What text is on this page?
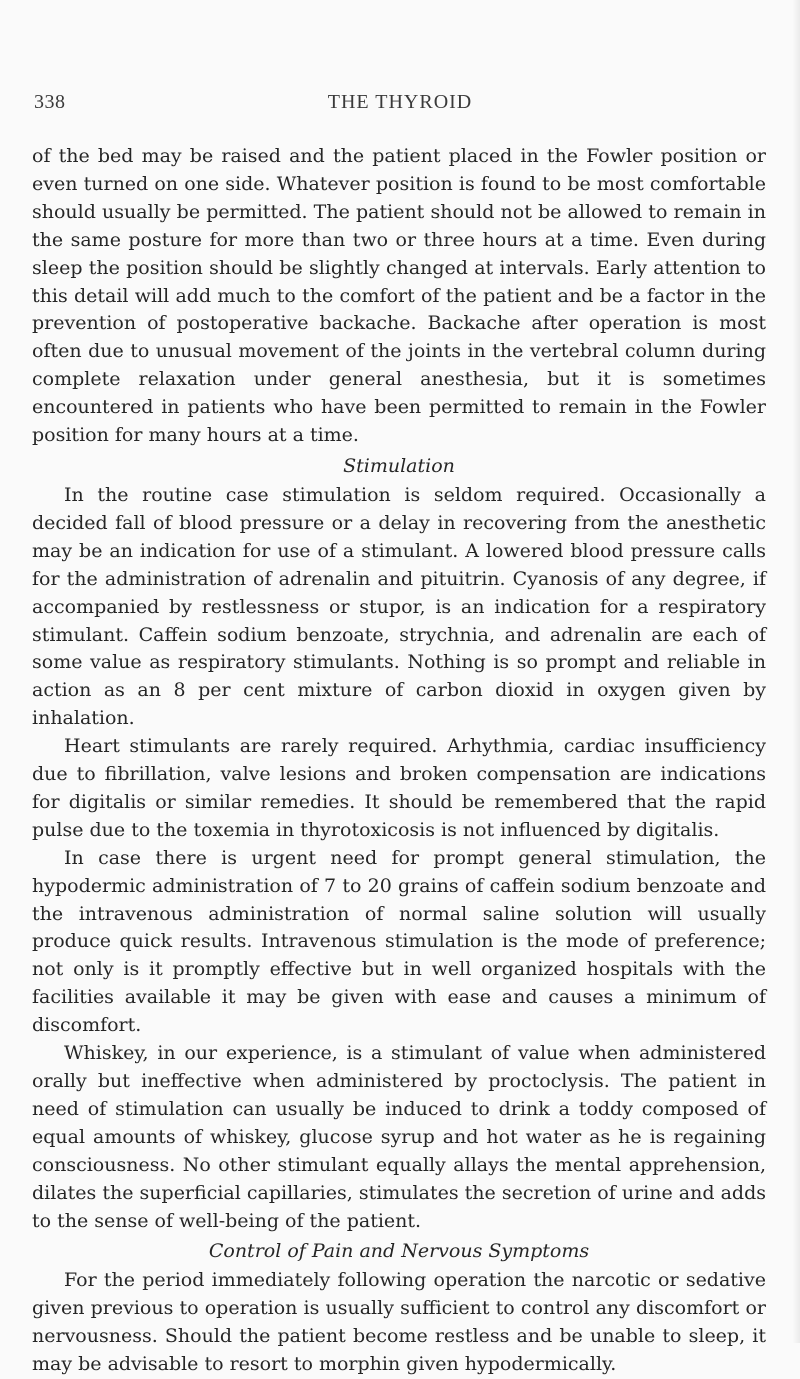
338	THE THYROID

of the bed may be raised and the patient placed in the Fowler position or even turned on one side. Whatever position is found to be most comfortable should usually be permitted. The patient should not be allowed to remain in the same posture for more than two or three hours at a time. Even during sleep the position should be slightly changed at intervals. Early attention to this detail will add much to the comfort of the patient and be a factor in the prevention of postoperative backache. Backache after operation is most often due to unusual movement of the joints in the vertebral column during complete relaxation under general anesthesia, but it is sometimes encountered in patients who have been permitted to remain in the Fowler position for many hours at a time.

Stimulation

In the routine case stimulation is seldom required. Occasionally a decided fall of blood pressure or a delay in recovering from the anesthetic may be an indication for use of a stimulant. A lowered blood pressure calls for the administration of adrenalin and pituitrin. Cyanosis of any degree, if accompanied by restlessness or stupor, is an indication for a respiratory stimulant. Caffein sodium benzoate, strychnia, and adrenalin are each of some value as respiratory stimulants. Nothing is so prompt and reliable in action as an 8 per cent mixture of carbon dioxid in oxygen given by inhalation.

Heart stimulants are rarely required. Arhythmia, cardiac insufficiency due to fibrillation, valve lesions and broken compensation are indications for digitalis or similar remedies. It should be remembered that the rapid pulse due to the toxemia in thyrotoxicosis is not influenced by digitalis.

In case there is urgent need for prompt general stimulation, the hypodermic administration of 7 to 20 grains of caffein sodium benzoate and the intravenous administration of normal saline solution will usually produce quick results. Intravenous stimulation is the mode of preference; not only is it promptly effective but in well organized hospitals with the facilities available it may be given with ease and causes a minimum of discomfort.

Whiskey, in our experience, is a stimulant of value when administered orally but ineffective when administered by proctoclysis. The patient in need of stimulation can usually be induced to drink a toddy composed of equal amounts of whiskey, glucose syrup and hot water as he is regaining consciousness. No other stimulant equally allays the mental apprehension, dilates the superficial capillaries, stimulates the secretion of urine and adds to the sense of well-being of the patient.

Control of Pain and Nervous Symptoms

For the period immediately following operation the narcotic or sedative given previous to operation is usually sufficient to control any discomfort or nervousness. Should the patient become restless and be unable to sleep, it may be advisable to resort to morphin given hypodermically.
